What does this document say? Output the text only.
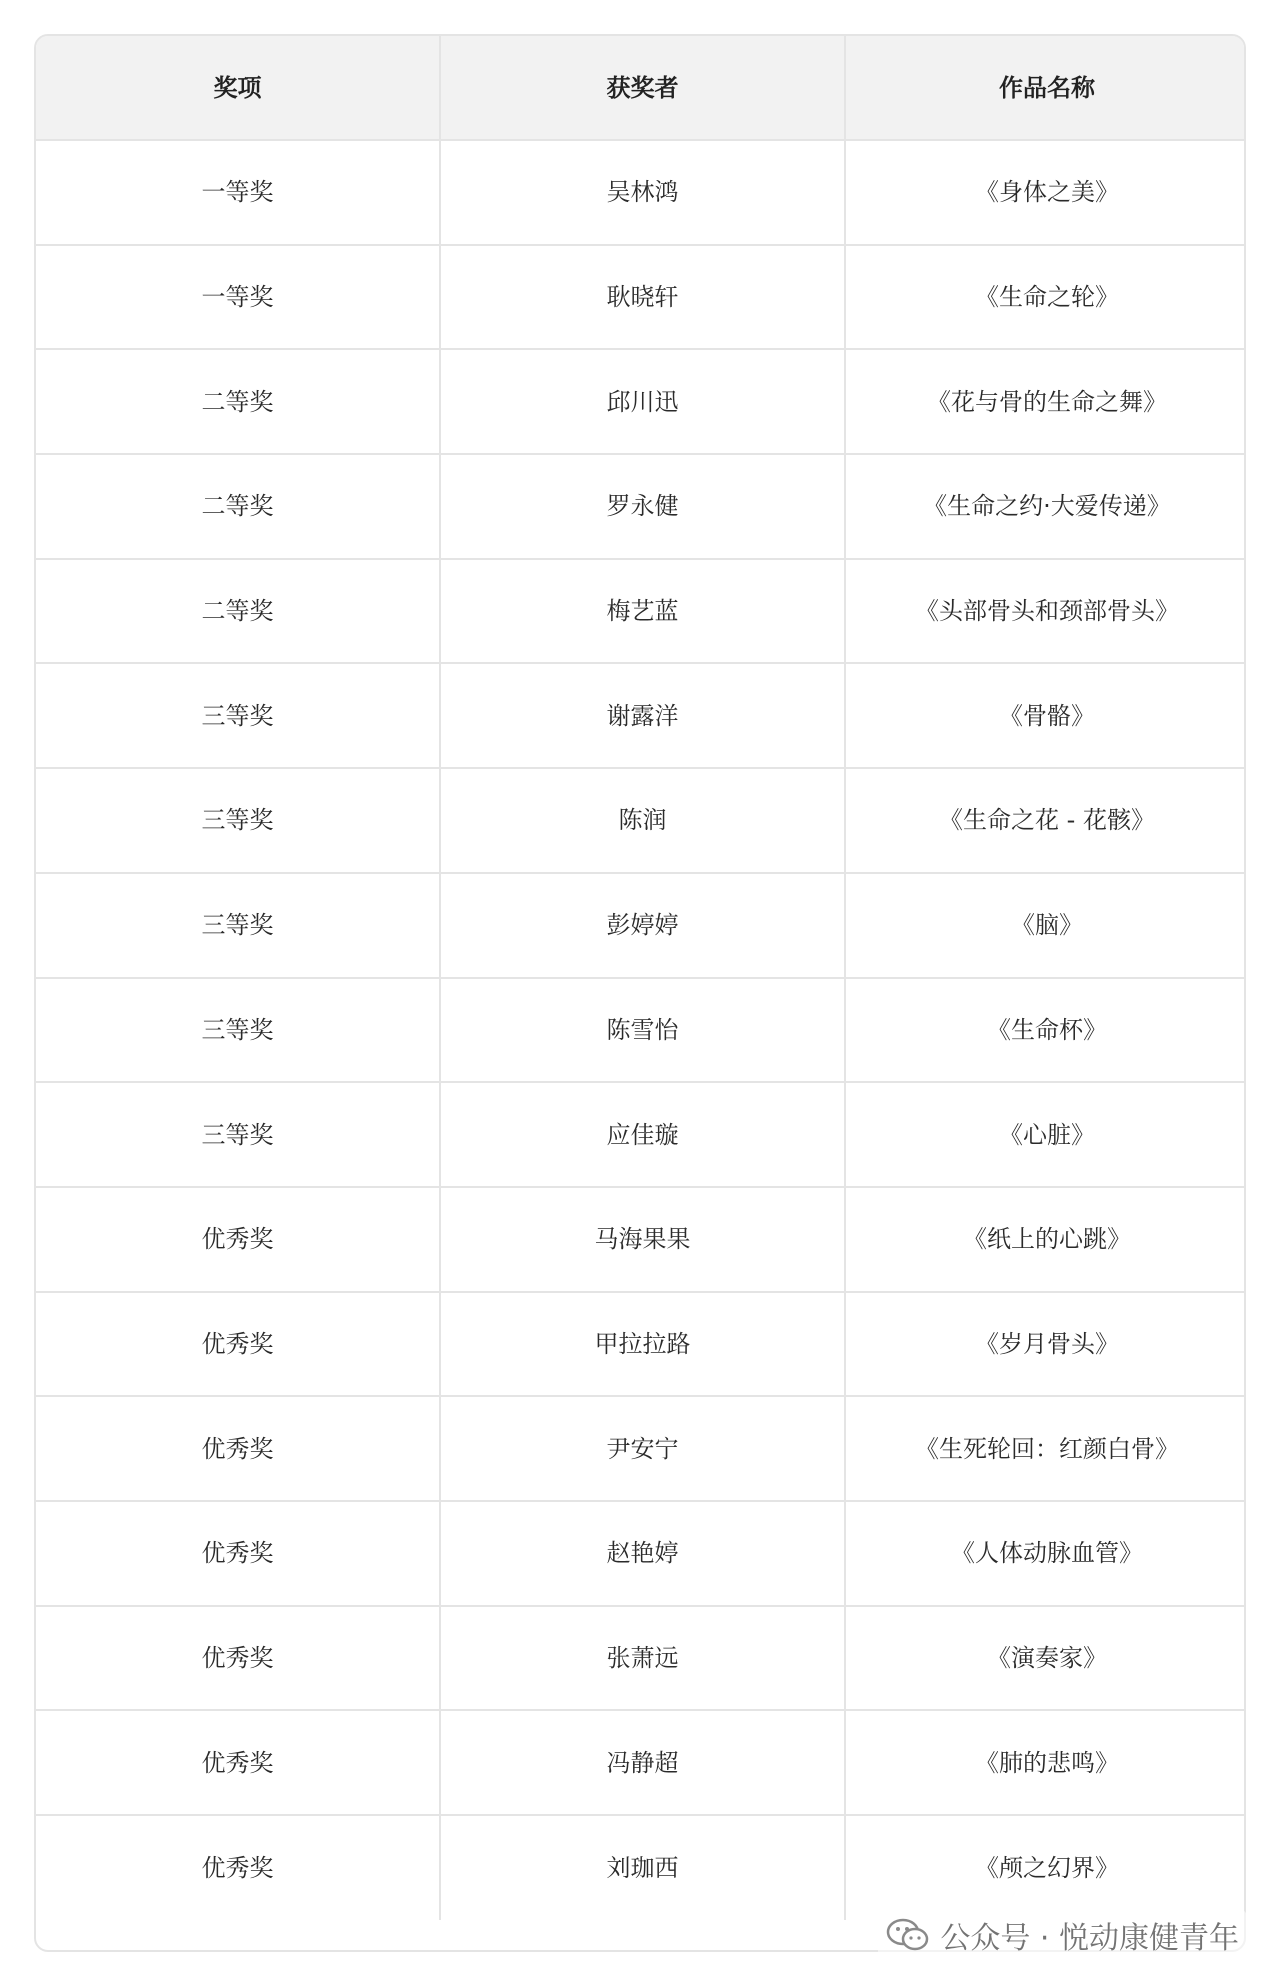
奖项	获奖者	作品名称
一等奖	吴林鸿	《身体之美》
一等奖	耿晓轩	《生命之轮》
二等奖	邱川迅	《花与骨的生命之舞》
二等奖	罗永健	《生命之约·大爱传递》
二等奖	梅艺蓝	《头部骨头和颈部骨头》
三等奖	谢露洋	《骨骼》
三等奖	陈润	《生命之花 - 花骸》
三等奖	彭婷婷	《脑》
三等奖	陈雪怡	《生命杯》
三等奖	应佳璇	《心脏》
优秀奖	马海果果	《纸上的心跳》
优秀奖	甲拉拉路	《岁月骨头》
优秀奖	尹安宁	《生死轮回：红颜白骨》
优秀奖	赵艳婷	《人体动脉血管》
优秀奖	张萧远	《演奏家》
优秀奖	冯静超	《肺的悲鸣》
优秀奖	刘珈西	《颅之幻界》
公众号 · 悦动康健青年
